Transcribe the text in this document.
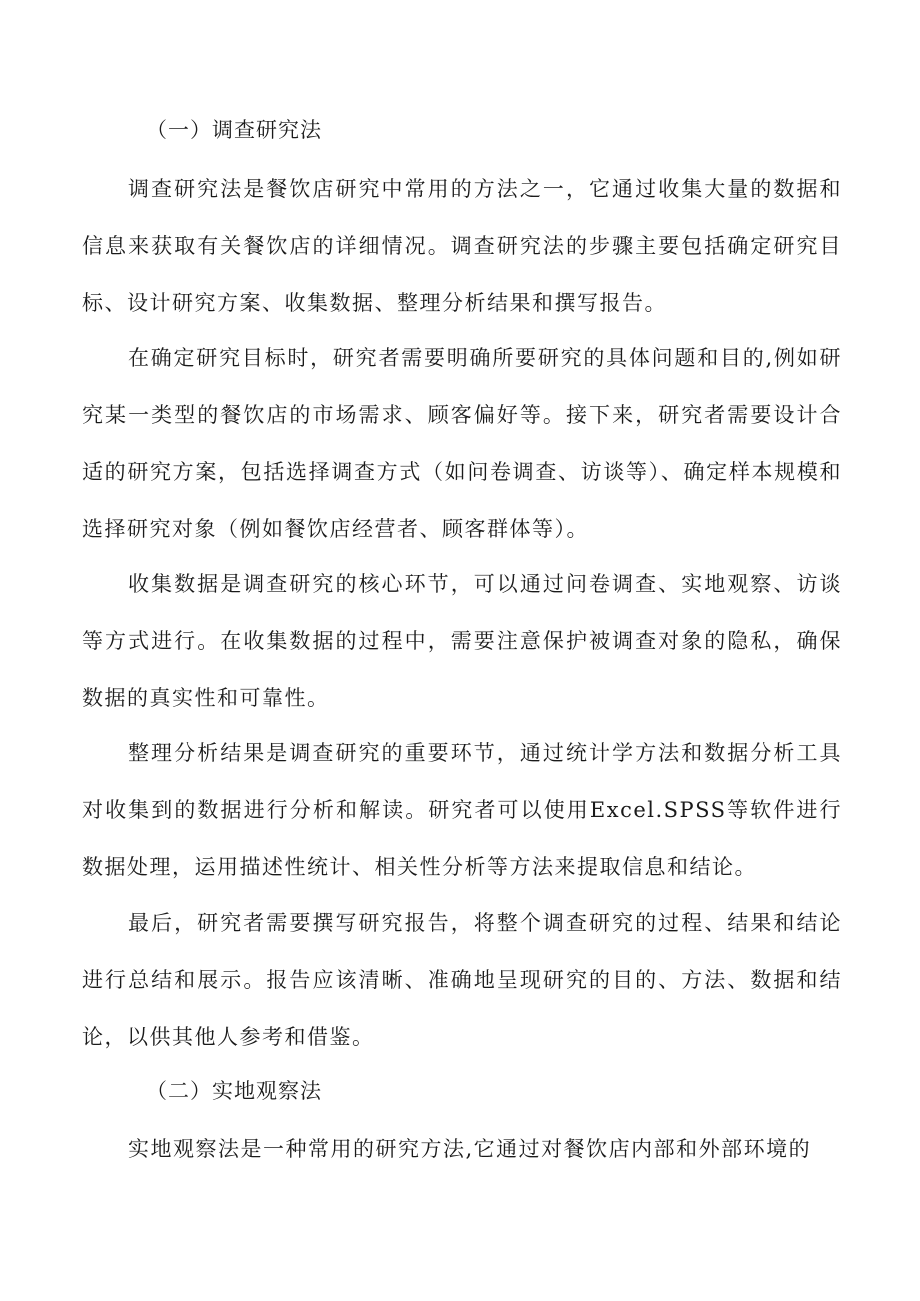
（一）调查研究法

调查研究法是餐饮店研究中常用的方法之一，它通过收集大量的数据和信息来获取有关餐饮店的详细情况。调查研究法的步骤主要包括确定研究目标、设计研究方案、收集数据、整理分析结果和撰写报告。

在确定研究目标时，研究者需要明确所要研究的具体问题和目的,例如研究某一类型的餐饮店的市场需求、顾客偏好等。接下来，研究者需要设计合适的研究方案，包括选择调查方式（如问卷调查、访谈等）、确定样本规模和选择研究对象（例如餐饮店经营者、顾客群体等）。

收集数据是调查研究的核心环节，可以通过问卷调查、实地观察、访谈等方式进行。在收集数据的过程中，需要注意保护被调查对象的隐私，确保数据的真实性和可靠性。

整理分析结果是调查研究的重要环节，通过统计学方法和数据分析工具对收集到的数据进行分析和解读。研究者可以使用Excel.SPSS等软件进行数据处理，运用描述性统计、相关性分析等方法来提取信息和结论。

最后，研究者需要撰写研究报告，将整个调查研究的过程、结果和结论进行总结和展示。报告应该清晰、准确地呈现研究的目的、方法、数据和结论，以供其他人参考和借鉴。

（二）实地观察法

实地观察法是一种常用的研究方法,它通过对餐饮店内部和外部环境的
